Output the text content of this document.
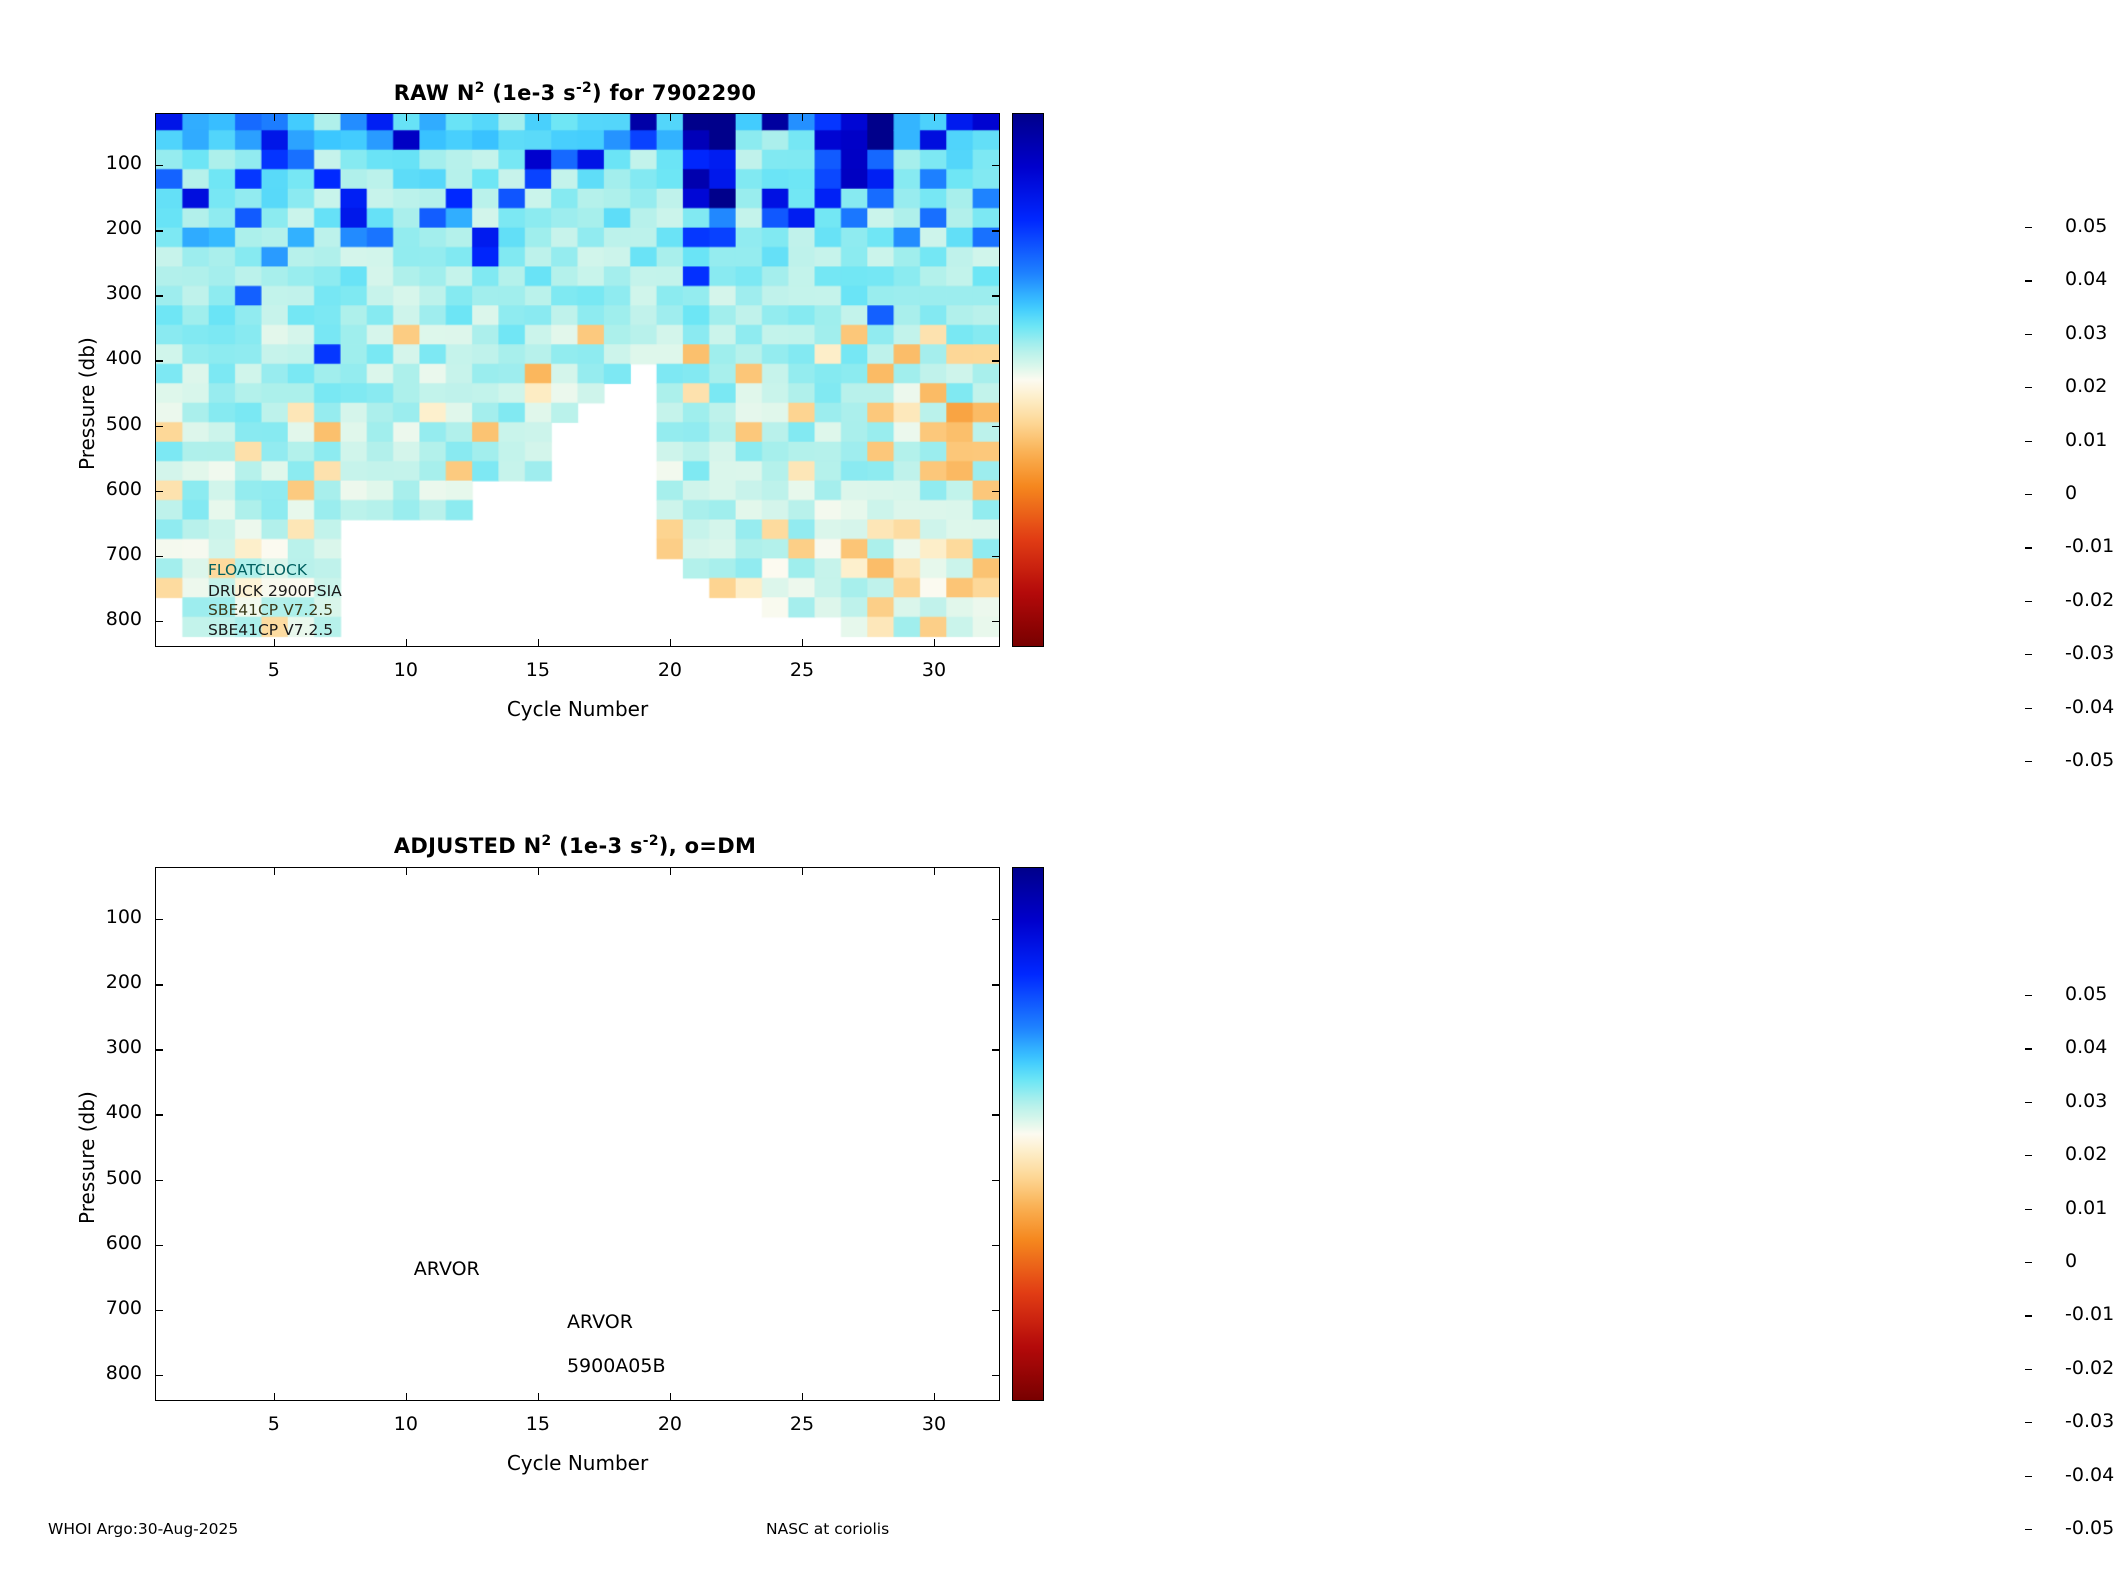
RAW $N^2$ (1e-3 $s^{-2}$) for 7902290
Pressure (db)
Cycle Number
0.05
0.04
0.03
0.02
0.01
0
-0.01
-0.02
-0.03
-0.04
-0.05
FLOATCLOCK
DRUCK 2900PSIA
SBE41CP V7.2.5
SBE41CP V7.2.5
100
200
300
400
500
600
700
800
5	10	15	20	25	30
ADJUSTED $N^2$ (1e-3 $s^{-2}$), o=DM
Pressure (db)
Cycle Number
0.05
0.04
0.03
0.02
0.01
0
-0.01
-0.02
-0.03
-0.04
-0.05
ARVOR
ARVOR
5900A05B
100
200
300
400
500
600
700
800
5	10	15	20	25	30
WHOI Argo:30-Aug-2025	NASC at coriolis
